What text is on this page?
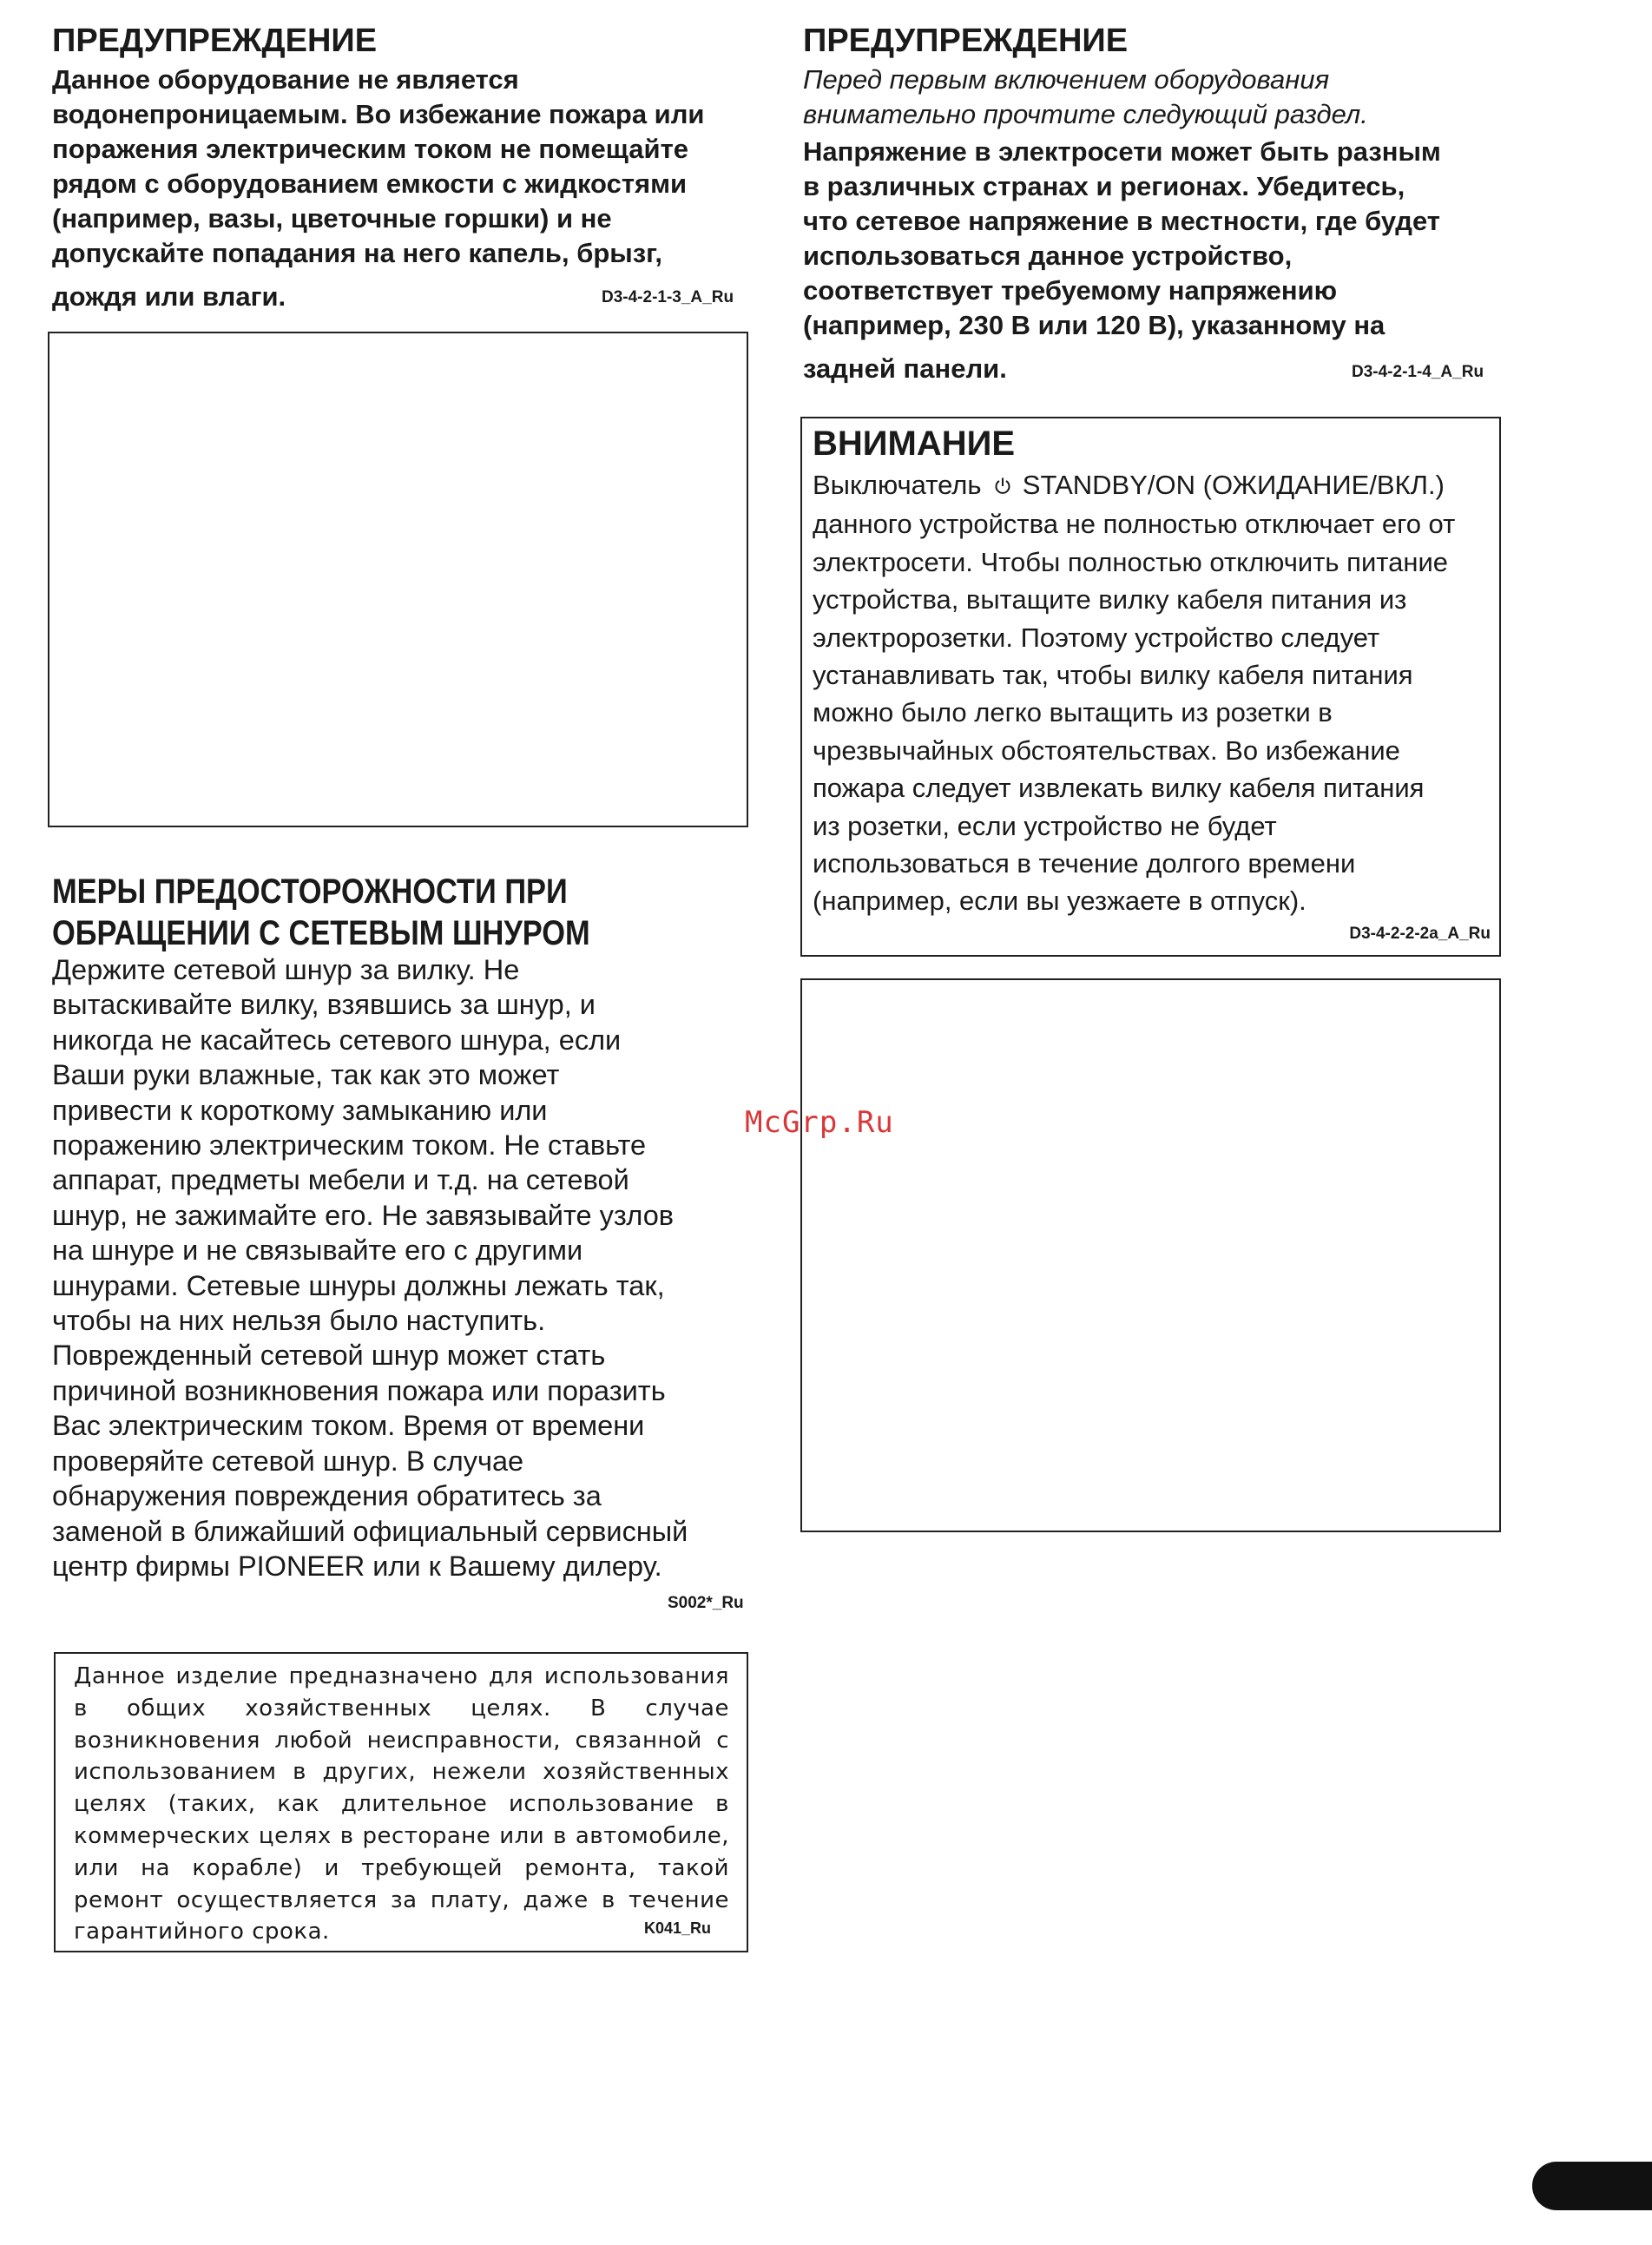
ПРЕДУПРЕЖДЕНИЕ
Данное оборудование не является
водонепроницаемым. Во избежание пожара или
поражения электрическим током не помещайте
рядом с оборудованием емкости с жидкостями
(например, вазы, цветочные горшки) и не
допускайте попадания на него капель, брызг,
дождя или влаги.	D3-4-2-1-3_A_Ru
МЕРЫ ПРЕДОСТОРОЖНОСТИ ПРИ
ОБРАЩЕНИИ С СЕТЕВЫМ ШНУРОМ
Держите сетевой шнур за вилку. Не
вытаскивайте вилку, взявшись за шнур, и
никогда не касайтесь сетевого шнура, если
Ваши руки влажные, так как это может
привести к короткому замыканию или
поражению электрическим током. Не ставьте
аппарат, предметы мебели и т.д. на сетевой
шнур, не зажимайте его. Не завязывайте узлов
на шнуре и не связывайте его с другими
шнурами. Сетевые шнуры должны лежать так,
чтобы на них нельзя было наступить.
Поврежденный сетевой шнур может стать
причиной возникновения пожара или поразить
Вас электрическим током. Время от времени
проверяйте сетевой шнур. В случае
обнаружения повреждения обратитесь за
заменой в ближайший официальный сервисный
центр фирмы PIONEER или к Вашему дилеру.
S002*_Ru
Данное изделие предназначено для использования в общих хозяйственных целях. В случае возникновения любой неисправности, связанной с использованием в других, нежели хозяйственных целях (таких, как длительное использование в коммерческих целях в ресторане или в автомобиле, или на корабле) и требующей ремонта, такой ремонт осуществляется за плату, даже в течение гарантийного срока.	K041_Ru
ПРЕДУПРЕЖДЕНИЕ
Перед первым включением оборудования
внимательно прочтите следующий раздел.
Напряжение в электросети может быть разным
в различных странах и регионах. Убедитесь,
что сетевое напряжение в местности, где будет
использоваться данное устройство,
соответствует требуемому напряжению
(например, 230 В или 120 В), указанному на
задней панели.	D3-4-2-1-4_A_Ru
ВНИМАНИЕ
Выключатель STANDBY/ON (ОЖИДАНИЕ/ВКЛ.)
данного устройства не полностью отключает его от
электросети. Чтобы полностью отключить питание
устройства, вытащите вилку кабеля питания из
электророзетки. Поэтому устройство следует
устанавливать так, чтобы вилку кабеля питания
можно было легко вытащить из розетки в
чрезвычайных обстоятельствах. Во избежание
пожара следует извлекать вилку кабеля питания
из розетки, если устройство не будет
использоваться в течение долгого времени
(например, если вы уезжаете в отпуск).
D3-4-2-2-2a_A_Ru
McGrp.Ru
